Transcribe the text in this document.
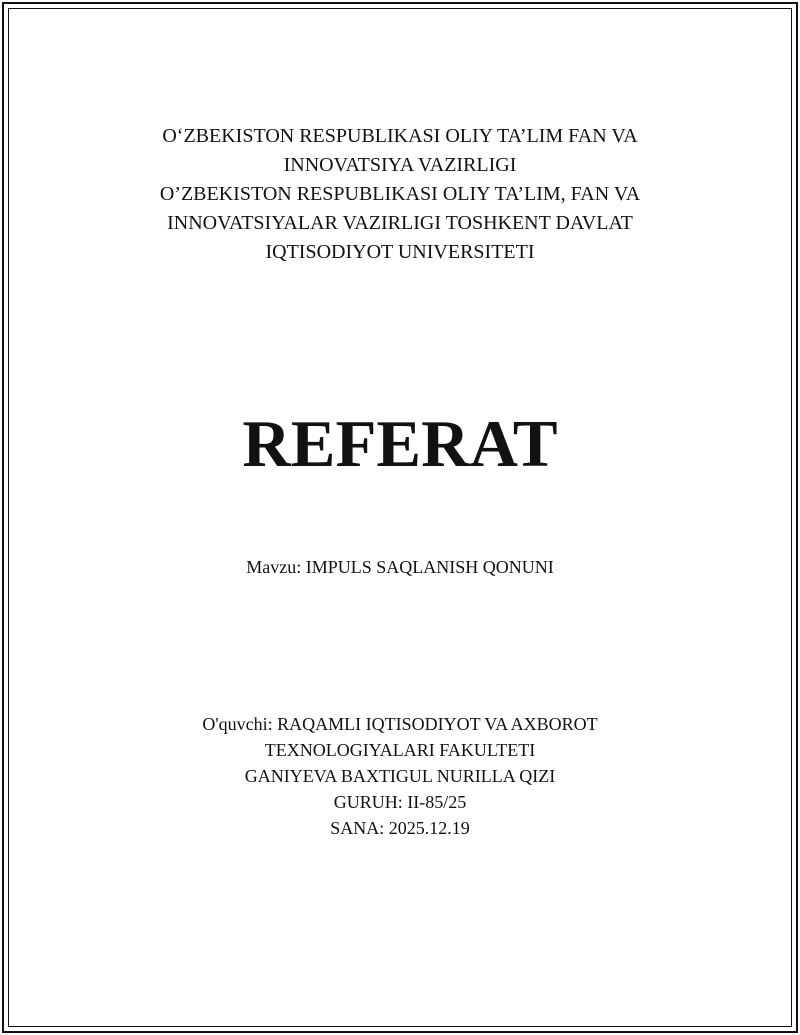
O‘ZBEKISTON RESPUBLIKASI OLIY TA’LIM FAN VA
INNOVATSIYA VAZIRLIGI
O’ZBEKISTON RESPUBLIKASI OLIY TA’LIM, FAN VA
INNOVATSIYALAR VAZIRLIGI TOSHKENT DAVLAT
IQTISODIYOT UNIVERSITETI
REFERAT
Mavzu: IMPULS SAQLANISH QONUNI
O'quvchi: RAQAMLI IQTISODIYOT VA AXBOROT
TEXNOLOGIYALARI FAKULTETI
GANIYEVA BAXTIGUL NURILLA QIZI
GURUH: II-85/25
SANA: 2025.12.19
